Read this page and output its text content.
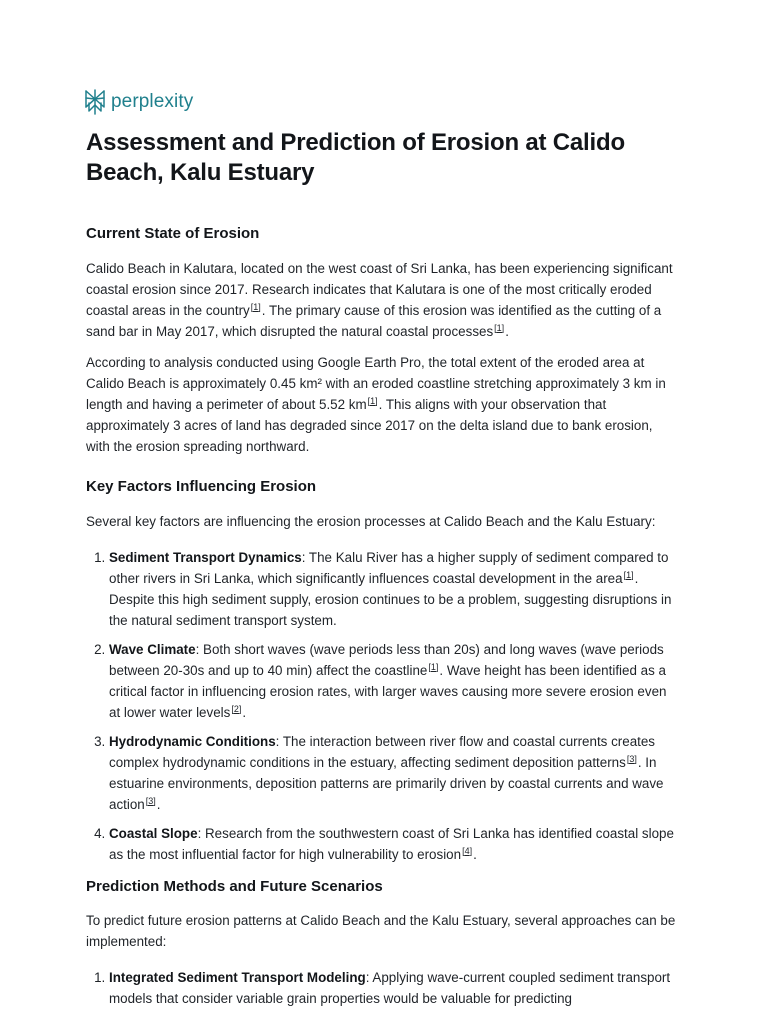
perplexity
Assessment and Prediction of Erosion at Calido Beach, Kalu Estuary
Current State of Erosion

Calido Beach in Kalutara, located on the west coast of Sri Lanka, has been experiencing significant coastal erosion since 2017. Research indicates that Kalutara is one of the most critically eroded coastal areas in the country[1]. The primary cause of this erosion was identified as the cutting of a sand bar in May 2017, which disrupted the natural coastal processes[1].

According to analysis conducted using Google Earth Pro, the total extent of the eroded area at Calido Beach is approximately 0.45 km² with an eroded coastline stretching approximately 3 km in length and having a perimeter of about 5.52 km[1]. This aligns with your observation that approximately 3 acres of land has degraded since 2017 on the delta island due to bank erosion, with the erosion spreading northward.

Key Factors Influencing Erosion

Several key factors are influencing the erosion processes at Calido Beach and the Kalu Estuary:

1. Sediment Transport Dynamics: The Kalu River has a higher supply of sediment compared to other rivers in Sri Lanka, which significantly influences coastal development in the area[1]. Despite this high sediment supply, erosion continues to be a problem, suggesting disruptions in the natural sediment transport system.
2. Wave Climate: Both short waves (wave periods less than 20s) and long waves (wave periods between 20-30s and up to 40 min) affect the coastline[1]. Wave height has been identified as a critical factor in influencing erosion rates, with larger waves causing more severe erosion even at lower water levels[2].
3. Hydrodynamic Conditions: The interaction between river flow and coastal currents creates complex hydrodynamic conditions in the estuary, affecting sediment deposition patterns[3]. In estuarine environments, deposition patterns are primarily driven by coastal currents and wave action[3].
4. Coastal Slope: Research from the southwestern coast of Sri Lanka has identified coastal slope as the most influential factor for high vulnerability to erosion[4].
Prediction Methods and Future Scenarios

To predict future erosion patterns at Calido Beach and the Kalu Estuary, several approaches can be implemented:

1. Integrated Sediment Transport Modeling: Applying wave-current coupled sediment transport models that consider variable grain properties would be valuable for predicting
